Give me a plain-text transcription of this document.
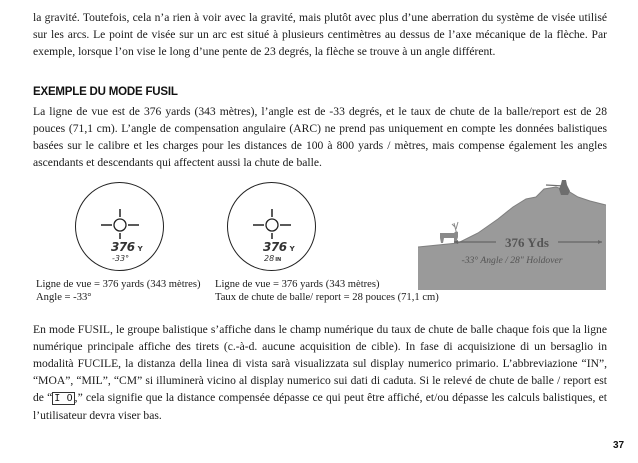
la gravité. Toutefois, cela n’a rien à voir avec la gravité, mais plutôt avec plus d’une aberration du système de visée utilisé sur les arcs. Le point de visée sur un arc est situé à plusieurs centimètres au dessus de l’axe mécanique de la flèche. Par exemple, lorsque l’on vise le long d’une pente de 23 degrés, la flèche se trouve à un angle différent.

EXEMPLE DU MODE FUSIL

La ligne de vue est de 376 yards (343 mètres), l’angle est de -33 degrés, et le taux de chute de la balle/report est de 28 pouces (71,1 cm). L’angle de compensation angulaire (ARC) ne prend pas uniquement en compte les données balistiques basées sur le calibre et les charges pour les distances de 100 à 800 yards / mètres, mais compense également les angles ascendants et descendants qui affectent aussi la chute de balle.

376 Y
-33°
376 Y
28IN
Ligne de vue = 376 yards (343 mètres)
Angle = -33°
Ligne de vue = 376 yards (343 mètres)
Taux de chute de balle/ report = 28 pouces (71,1 cm)
376 Yds
-33° Angle / 28" Holdover

En mode FUSIL, le groupe balistique s’affiche dans le champ numérique du taux de chute de balle chaque fois que la ligne numérique principale affiche des tirets (c.-à-d. aucune acquisition de cible). In fase di acquisizione di un bersaglio in modalità FUCILE, la distanza della linea di vista sarà visualizzata sul display numerico primario. L’abbreviazione “IN”, “MOA”, “MIL”, “CM” si illuminerà vicino al display numerico sui dati di caduta. Si le relevé de chute de balle / report est de “ I O ,” cela signifie que la distance compensée dépasse ce qui peut être affiché, et/ou dépasse les calculs balistiques, et l’utilisateur devra viser bas.

37
